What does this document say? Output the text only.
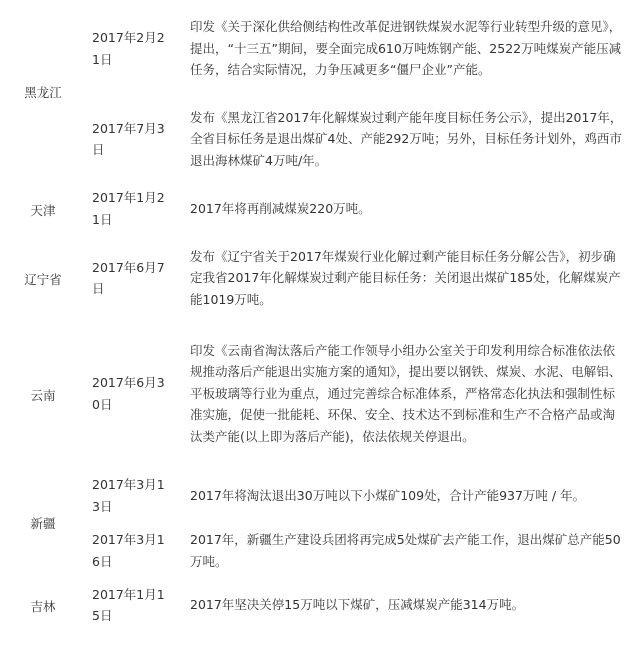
黑龙江	2017年2月21日	印发《关于深化供给侧结构性改革促进钢铁煤炭水泥等行业转型升级的意见》，提出，“十三五”期间，要全面完成610万吨炼钢产能、2522万吨煤炭产能压减任务，结合实际情况，力争压减更多“僵尸企业”产能。
	2017年7月3日	发布《黑龙江省2017年化解煤炭过剩产能年度目标任务公示》，提出2017年，全省目标任务是退出煤矿4处、产能292万吨；另外，目标任务计划外，鸡西市退出海林煤矿4万吨/年。
天津	2017年1月21日	2017年将再削减煤炭220万吨。
辽宁省	2017年6月7日	发布《辽宁省关于2017年煤炭行业化解过剩产能目标任务分解公告》，初步确定我省2017年化解煤炭过剩产能目标任务：关闭退出煤矿185处，化解煤炭产能1019万吨。
云南	2017年6月30日	印发《云南省淘汰落后产能工作领导小组办公室关于印发利用综合标准依法依规推动落后产能退出实施方案的通知》，提出要以钢铁、煤炭、水泥、电解铝、平板玻璃等行业为重点，通过完善综合标准体系，严格常态化执法和强制性标准实施，促使一批能耗、环保、安全、技术达不到标准和生产不合格产品或淘汰类产能(以上即为落后产能)，依法依规关停退出。
新疆	2017年3月13日	2017年将淘汰退出30万吨以下小煤矿109处，合计产能937万吨 / 年。
	2017年3月16日	2017年，新疆生产建设兵团将再完成5处煤矿去产能工作，退出煤矿总产能50万吨。
吉林	2017年1月15日	2017年坚决关停15万吨以下煤矿，压减煤炭产能314万吨。
